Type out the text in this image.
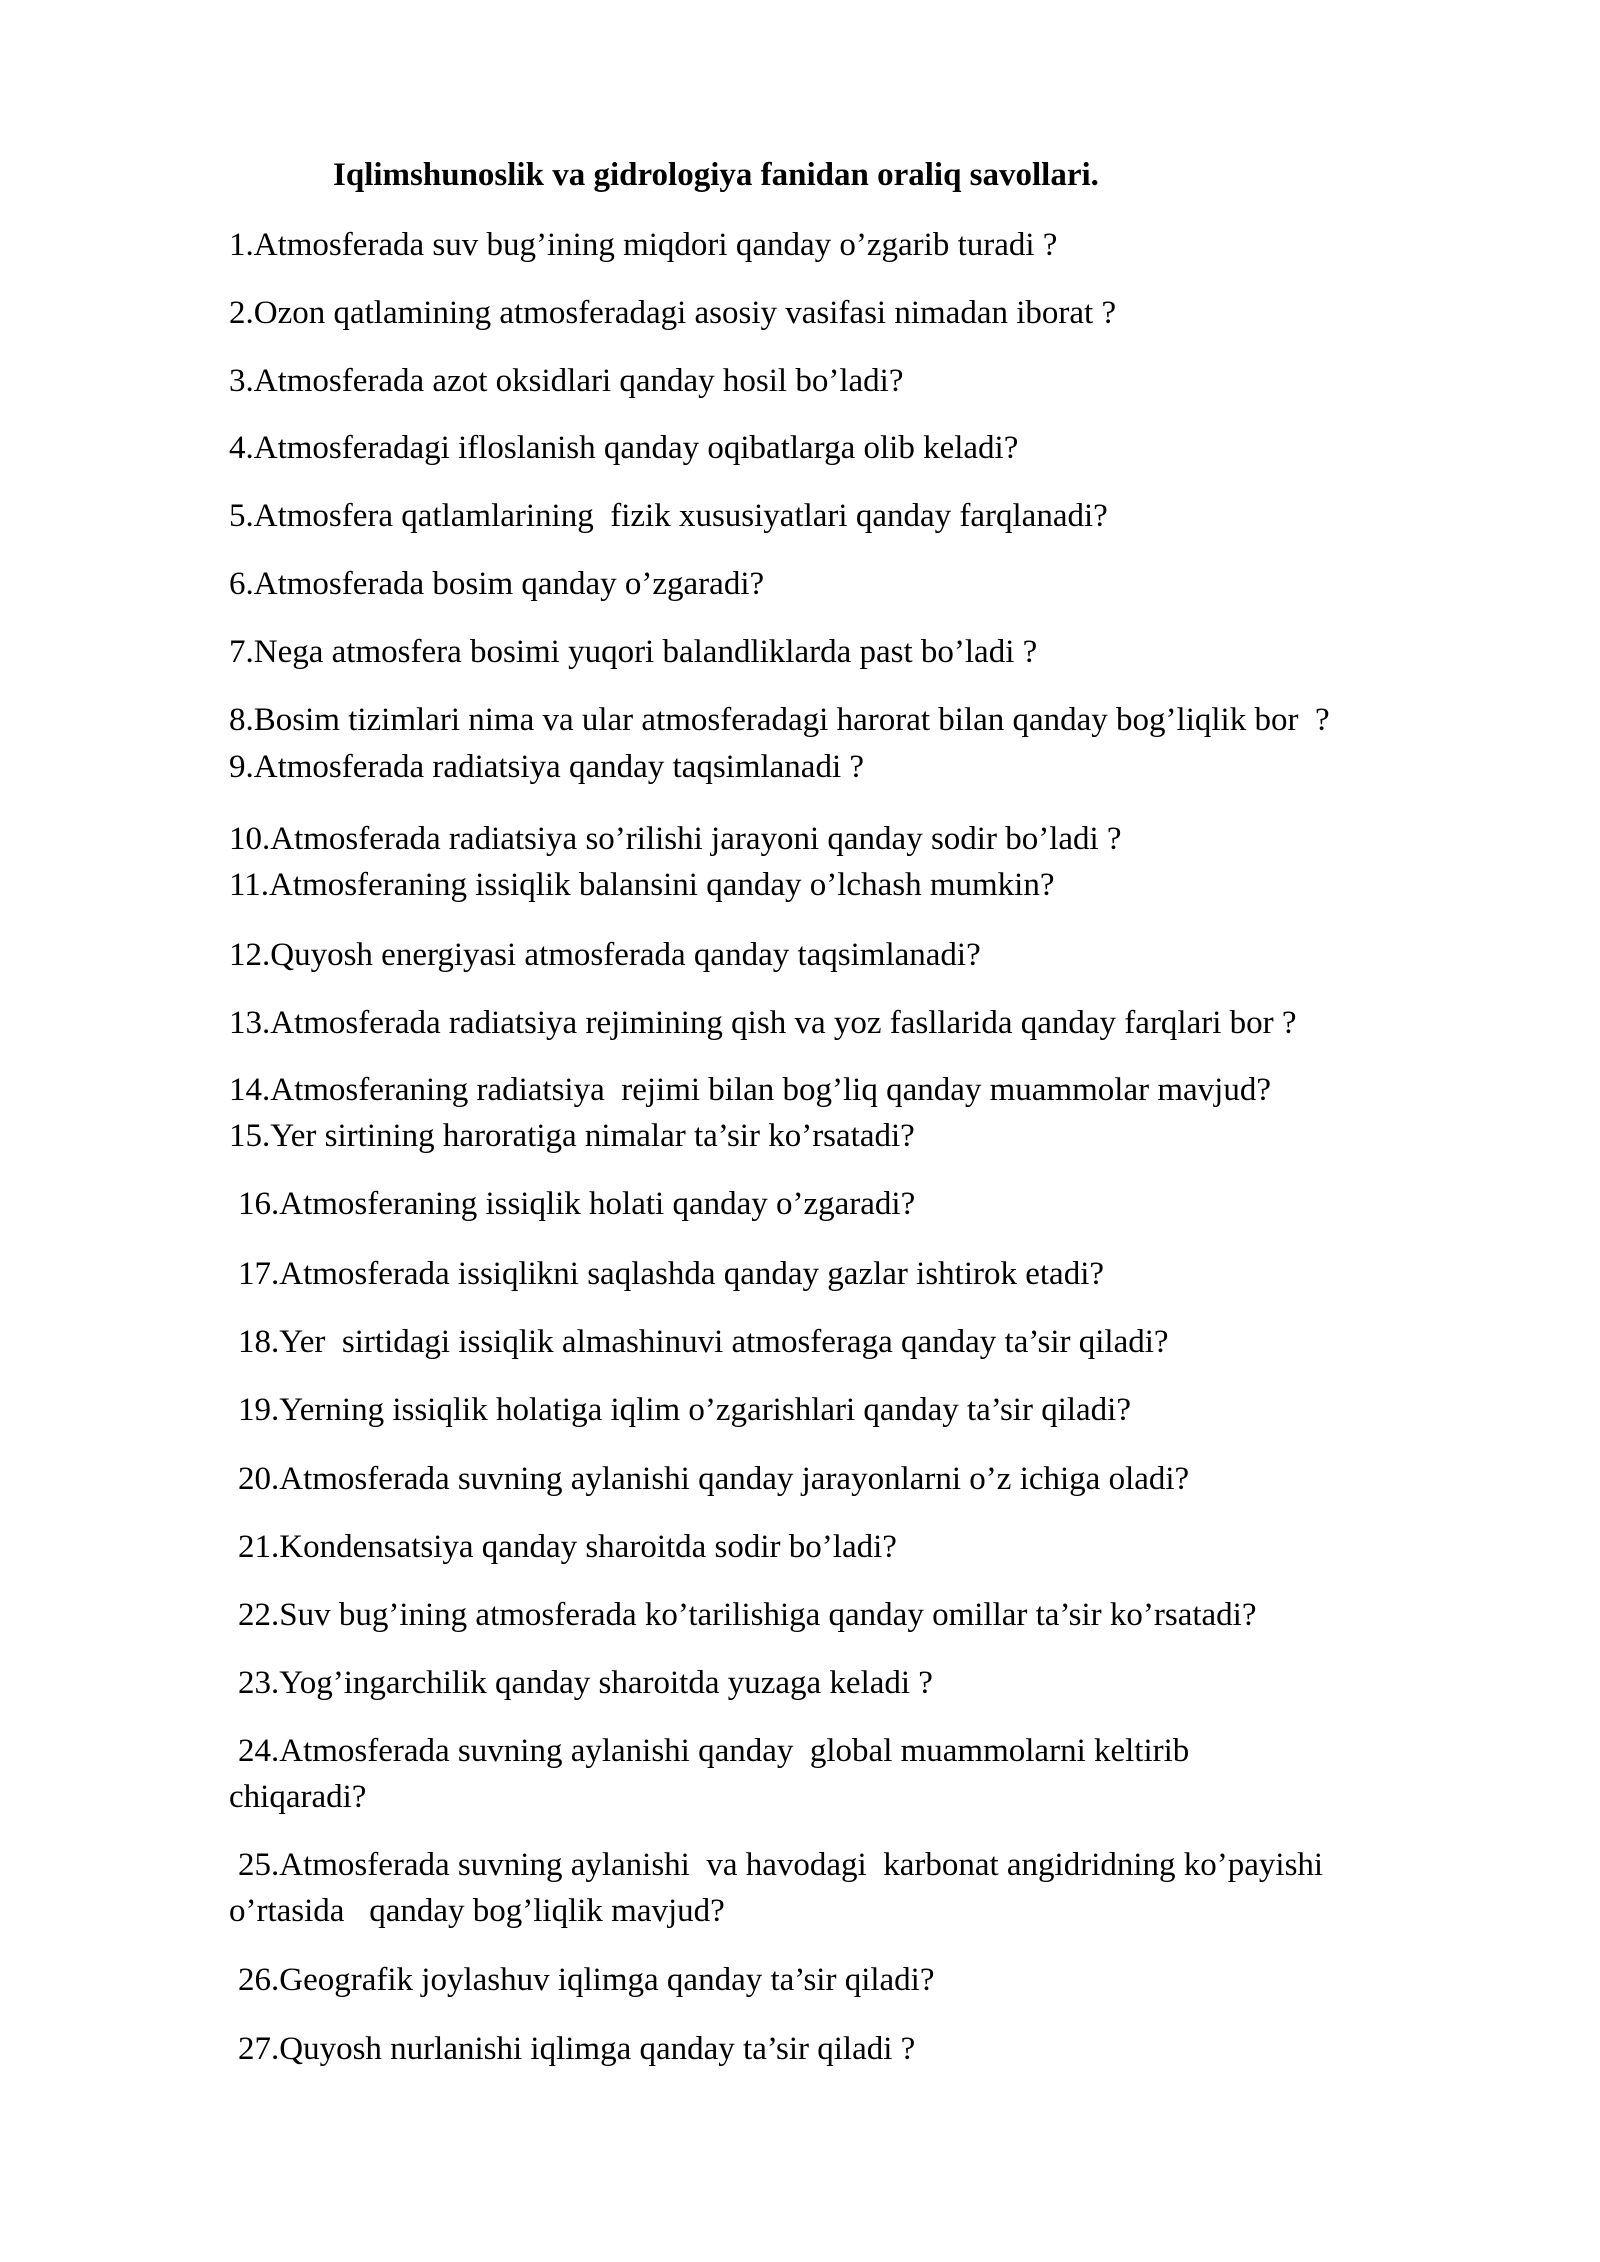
Iqlimshunoslik va gidrologiya fanidan oraliq savollari.
1.Atmosferada suv bug’ining miqdori qanday o’zgarib turadi ?
2.Ozon qatlamining atmosferadagi asosiy vasifasi nimadan iborat ?
3.Atmosferada azot oksidlari qanday hosil bo’ladi?
4.Atmosferadagi ifloslanish qanday oqibatlarga olib keladi?
5.Atmosfera qatlamlarining  fizik xususiyatlari qanday farqlanadi?
6.Atmosferada bosim qanday o’zgaradi?
7.Nega atmosfera bosimi yuqori balandliklarda past bo’ladi ?
8.Bosim tizimlari nima va ular atmosferadagi harorat bilan qanday bog’liqlik bor  ?
9.Atmosferada radiatsiya qanday taqsimlanadi ?
10.Atmosferada radiatsiya so’rilishi jarayoni qanday sodir bo’ladi ?
11.Atmosferaning issiqlik balansini qanday o’lchash mumkin?
12.Quyosh energiyasi atmosferada qanday taqsimlanadi?
13.Atmosferada radiatsiya rejimining qish va yoz fasllarida qanday farqlari bor ?
14.Atmosferaning radiatsiya  rejimi bilan bog’liq qanday muammolar mavjud?
15.Yer sirtining haroratiga nimalar ta’sir ko’rsatadi?
16.Atmosferaning issiqlik holati qanday o’zgaradi?
17.Atmosferada issiqlikni saqlashda qanday gazlar ishtirok etadi?
18.Yer  sirtidagi issiqlik almashinuvi atmosferaga qanday ta’sir qiladi?
19.Yerning issiqlik holatiga iqlim o’zgarishlari qanday ta’sir qiladi?
20.Atmosferada suvning aylanishi qanday jarayonlarni o’z ichiga oladi?
21.Kondensatsiya qanday sharoitda sodir bo’ladi?
22.Suv bug’ining atmosferada ko’tarilishiga qanday omillar ta’sir ko’rsatadi?
23.Yog’ingarchilik qanday sharoitda yuzaga keladi ?
24.Atmosferada suvning aylanishi qanday  global muammolarni keltirib
chiqaradi?
25.Atmosferada suvning aylanishi  va havodagi  karbonat angidridning ko’payishi
o’rtasida   qanday bog’liqlik mavjud?
26.Geografik joylashuv iqlimga qanday ta’sir qiladi?
27.Quyosh nurlanishi iqlimga qanday ta’sir qiladi ?
